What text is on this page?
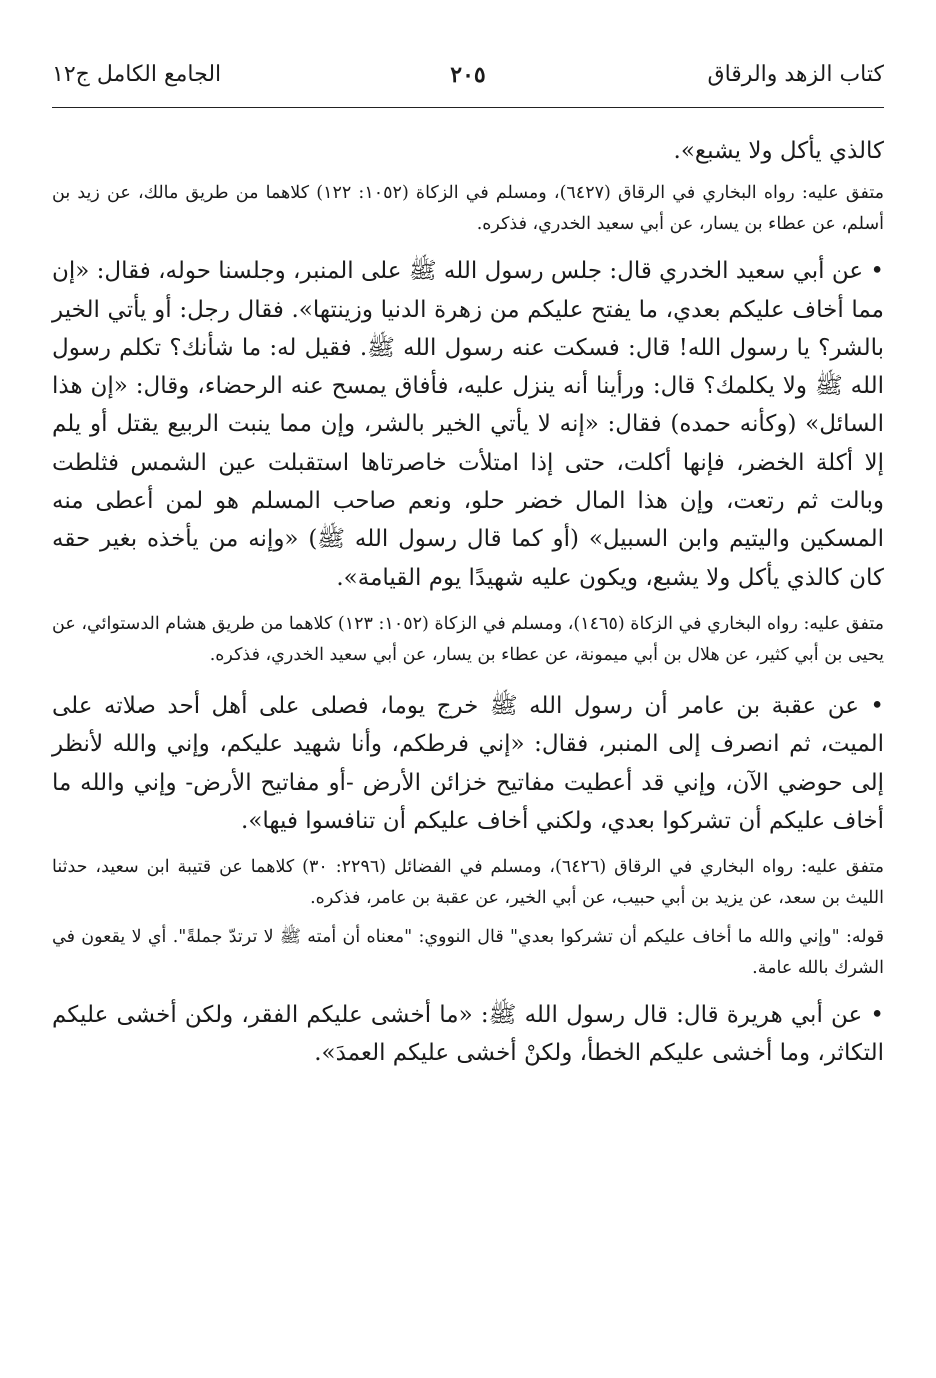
كتاب الزهد والرقاق
٢٠٥
الجامع الكامل ج١٢

كالذي يأكل ولا يشبع».

متفق عليه: رواه البخاري في الرقاق (٦٤٢٧)، ومسلم في الزكاة (١٠٥٢: ١٢٢) كلاهما من طريق مالك، عن زيد بن أسلم، عن عطاء بن يسار، عن أبي سعيد الخدري، فذكره.

• عن أبي سعيد الخدري قال: جلس رسول الله ﷺ على المنبر، وجلسنا حوله، فقال: «إن مما أخاف عليكم بعدي، ما يفتح عليكم من زهرة الدنيا وزينتها». فقال رجل: أو يأتي الخير بالشر؟ يا رسول الله! قال: فسكت عنه رسول الله ﷺ. فقيل له: ما شأنك؟ تكلم رسول الله ﷺ ولا يكلمك؟ قال: ورأينا أنه ينزل عليه، فأفاق يمسح عنه الرحضاء، وقال: «إن هذا السائل» (وكأنه حمده) فقال: «إنه لا يأتي الخير بالشر، وإن مما ينبت الربيع يقتل أو يلم إلا أكلة الخضر، فإنها أكلت، حتى إذا امتلأت خاصرتاها استقبلت عين الشمس فثلطت وبالت ثم رتعت، وإن هذا المال خضر حلو، ونعم صاحب المسلم هو لمن أعطى منه المسكين واليتيم وابن السبيل» (أو كما قال رسول الله ﷺ) «وإنه من يأخذه بغير حقه كان كالذي يأكل ولا يشبع، ويكون عليه شهيدًا يوم القيامة».

متفق عليه: رواه البخاري في الزكاة (١٤٦٥)، ومسلم في الزكاة (١٠٥٢: ١٢٣) كلاهما من طريق هشام الدستوائي، عن يحيى بن أبي كثير، عن هلال بن أبي ميمونة، عن عطاء بن يسار، عن أبي سعيد الخدري، فذكره.

• عن عقبة بن عامر أن رسول الله ﷺ خرج يوما، فصلى على أهل أحد صلاته على الميت، ثم انصرف إلى المنبر، فقال: «إني فرطكم، وأنا شهيد عليكم، وإني والله لأنظر إلى حوضي الآن، وإني قد أعطيت مفاتيح خزائن الأرض -أو مفاتيح الأرض- وإني والله ما أخاف عليكم أن تشركوا بعدي، ولكني أخاف عليكم أن تنافسوا فيها».

متفق عليه: رواه البخاري في الرقاق (٦٤٢٦)، ومسلم في الفضائل (٢٢٩٦: ٣٠) كلاهما عن قتيبة ابن سعيد، حدثنا الليث بن سعد، عن يزيد بن أبي حبيب، عن أبي الخير، عن عقبة بن عامر، فذكره.

قوله: "وإني والله ما أخاف عليكم أن تشركوا بعدي" قال النووي: "معناه أن أمته ﷺ لا ترتدّ جملةً". أي لا يقعون في الشرك بالله عامة.

• عن أبي هريرة قال: قال رسول الله ﷺ: «ما أخشى عليكم الفقر، ولكن أخشى عليكم التكاثر، وما أخشى عليكم الخطأ، ولكنْ أخشى عليكم العمدَ».
